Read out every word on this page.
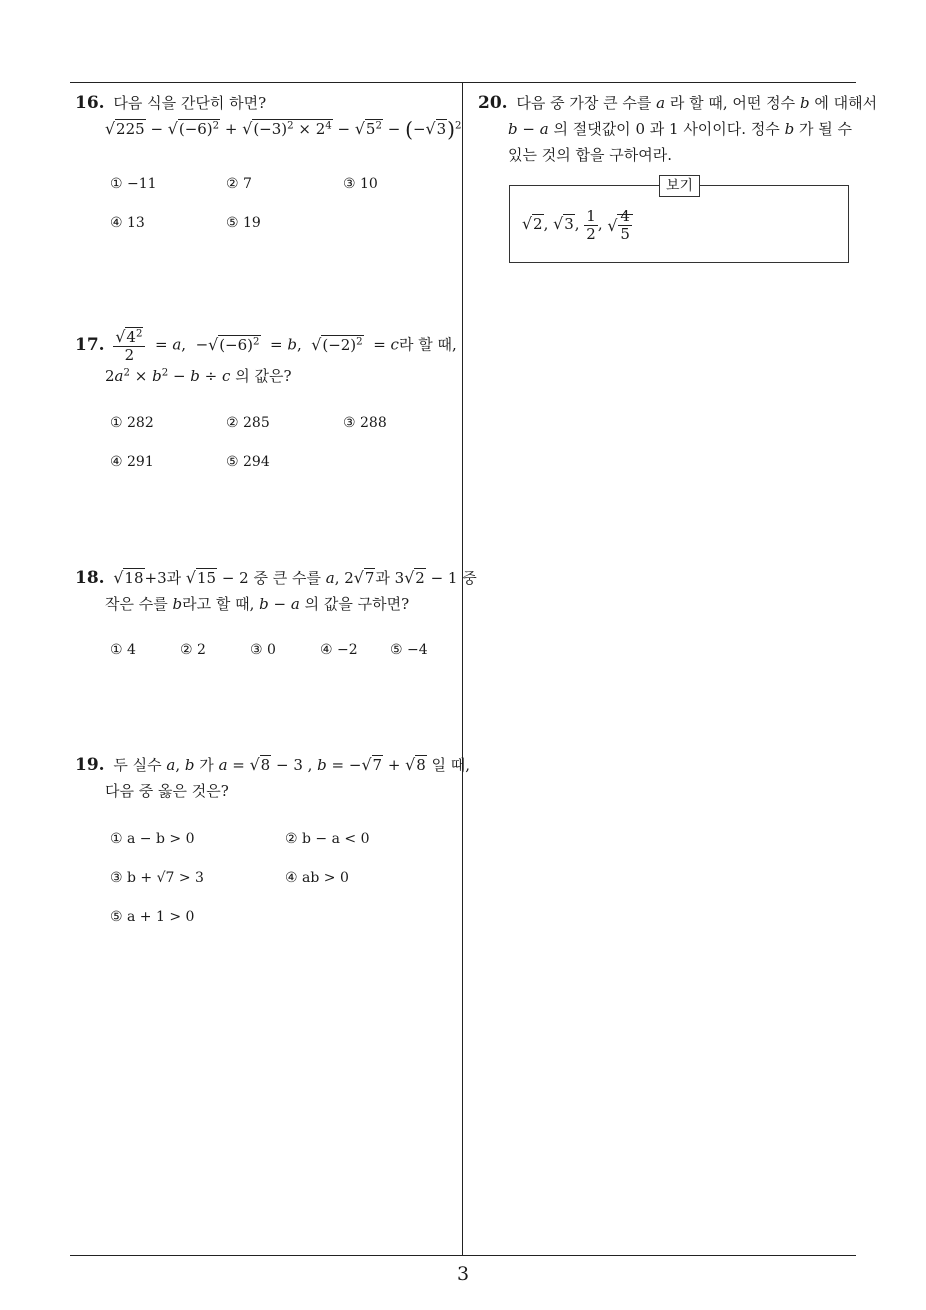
16. 다음 식을 간단히 하면?
$√225 - √(-6)^2 + √(-3)^2 \times 2^4 - √5^2 - (-√3)^2$
① −11	② 7	③ 10
④ 13	⑤ 19
17. $\frac{√4^2}{2} = a$,  $-√(-6)^2 = b$,  $√(-2)^2 = c$라 할 때,
$2a^2 \times b^2 - b \div c$ 의 값은?
① 282	② 285	③ 288
④ 291	⑤ 294
18. √18+3과 √15 − 2 중 큰 수를 a, 2√7과 3√2 − 1 중
작은 수를 b라고 할 때, b − a 의 값을 구하면?
① 4	② 2	③ 0	④ −2 ⑤ −4
19. 두 실수 a, b 가 a = √8 − 3 , b = −√7 + √8 일 때,
다음 중 옳은 것은?
① a − b > 0	② b − a < 0
③ b + √7 > 3	④ ab > 0
⑤ a + 1 > 0
20. 다음 중 가장 큰 수를 a 라 할 때, 어떤 정수 b 에 대해서
b − a 의 절댓값이 0 과 1 사이이다. 정수 b 가 될 수
있는 것의 합을 구하여라.
보기
√2, √3, $\frac{1}{2}$ , √ $\frac{4}{5}$
3
